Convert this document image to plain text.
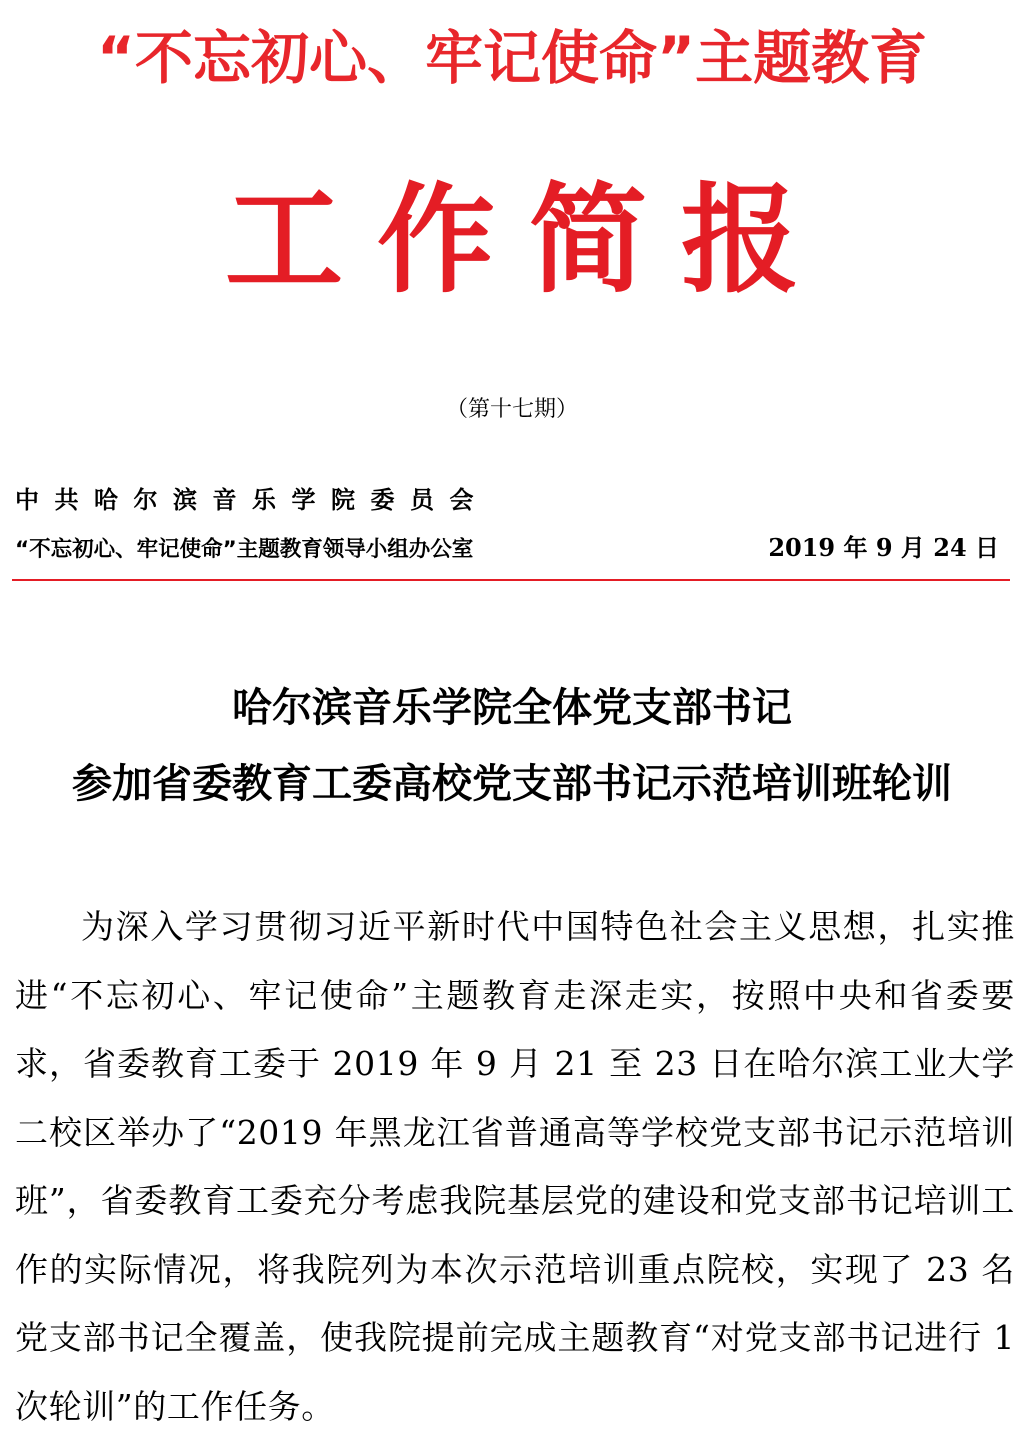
“不忘初心、牢记使命”主题教育
工作简报
（第十七期）
中共哈尔滨音乐学院委员会
“不忘初心、牢记使命”主题教育领导小组办公室	2019 年 9 月 24 日
哈尔滨音乐学院全体党支部书记
参加省委教育工委高校党支部书记示范培训班轮训

为深入学习贯彻习近平新时代中国特色社会主义思想，扎实推进“不忘初心、牢记使命”主题教育走深走实，按照中央和省委要求，省委教育工委于 2019 年 9 月 21 至 23 日在哈尔滨工业大学二校区举办了“2019 年黑龙江省普通高等学校党支部书记示范培训班”，省委教育工委充分考虑我院基层党的建设和党支部书记培训工作的实际情况，将我院列为本次示范培训重点院校，实现了 23 名党支部书记全覆盖，使我院提前完成主题教育“对党支部书记进行 1 次轮训”的工作任务。
